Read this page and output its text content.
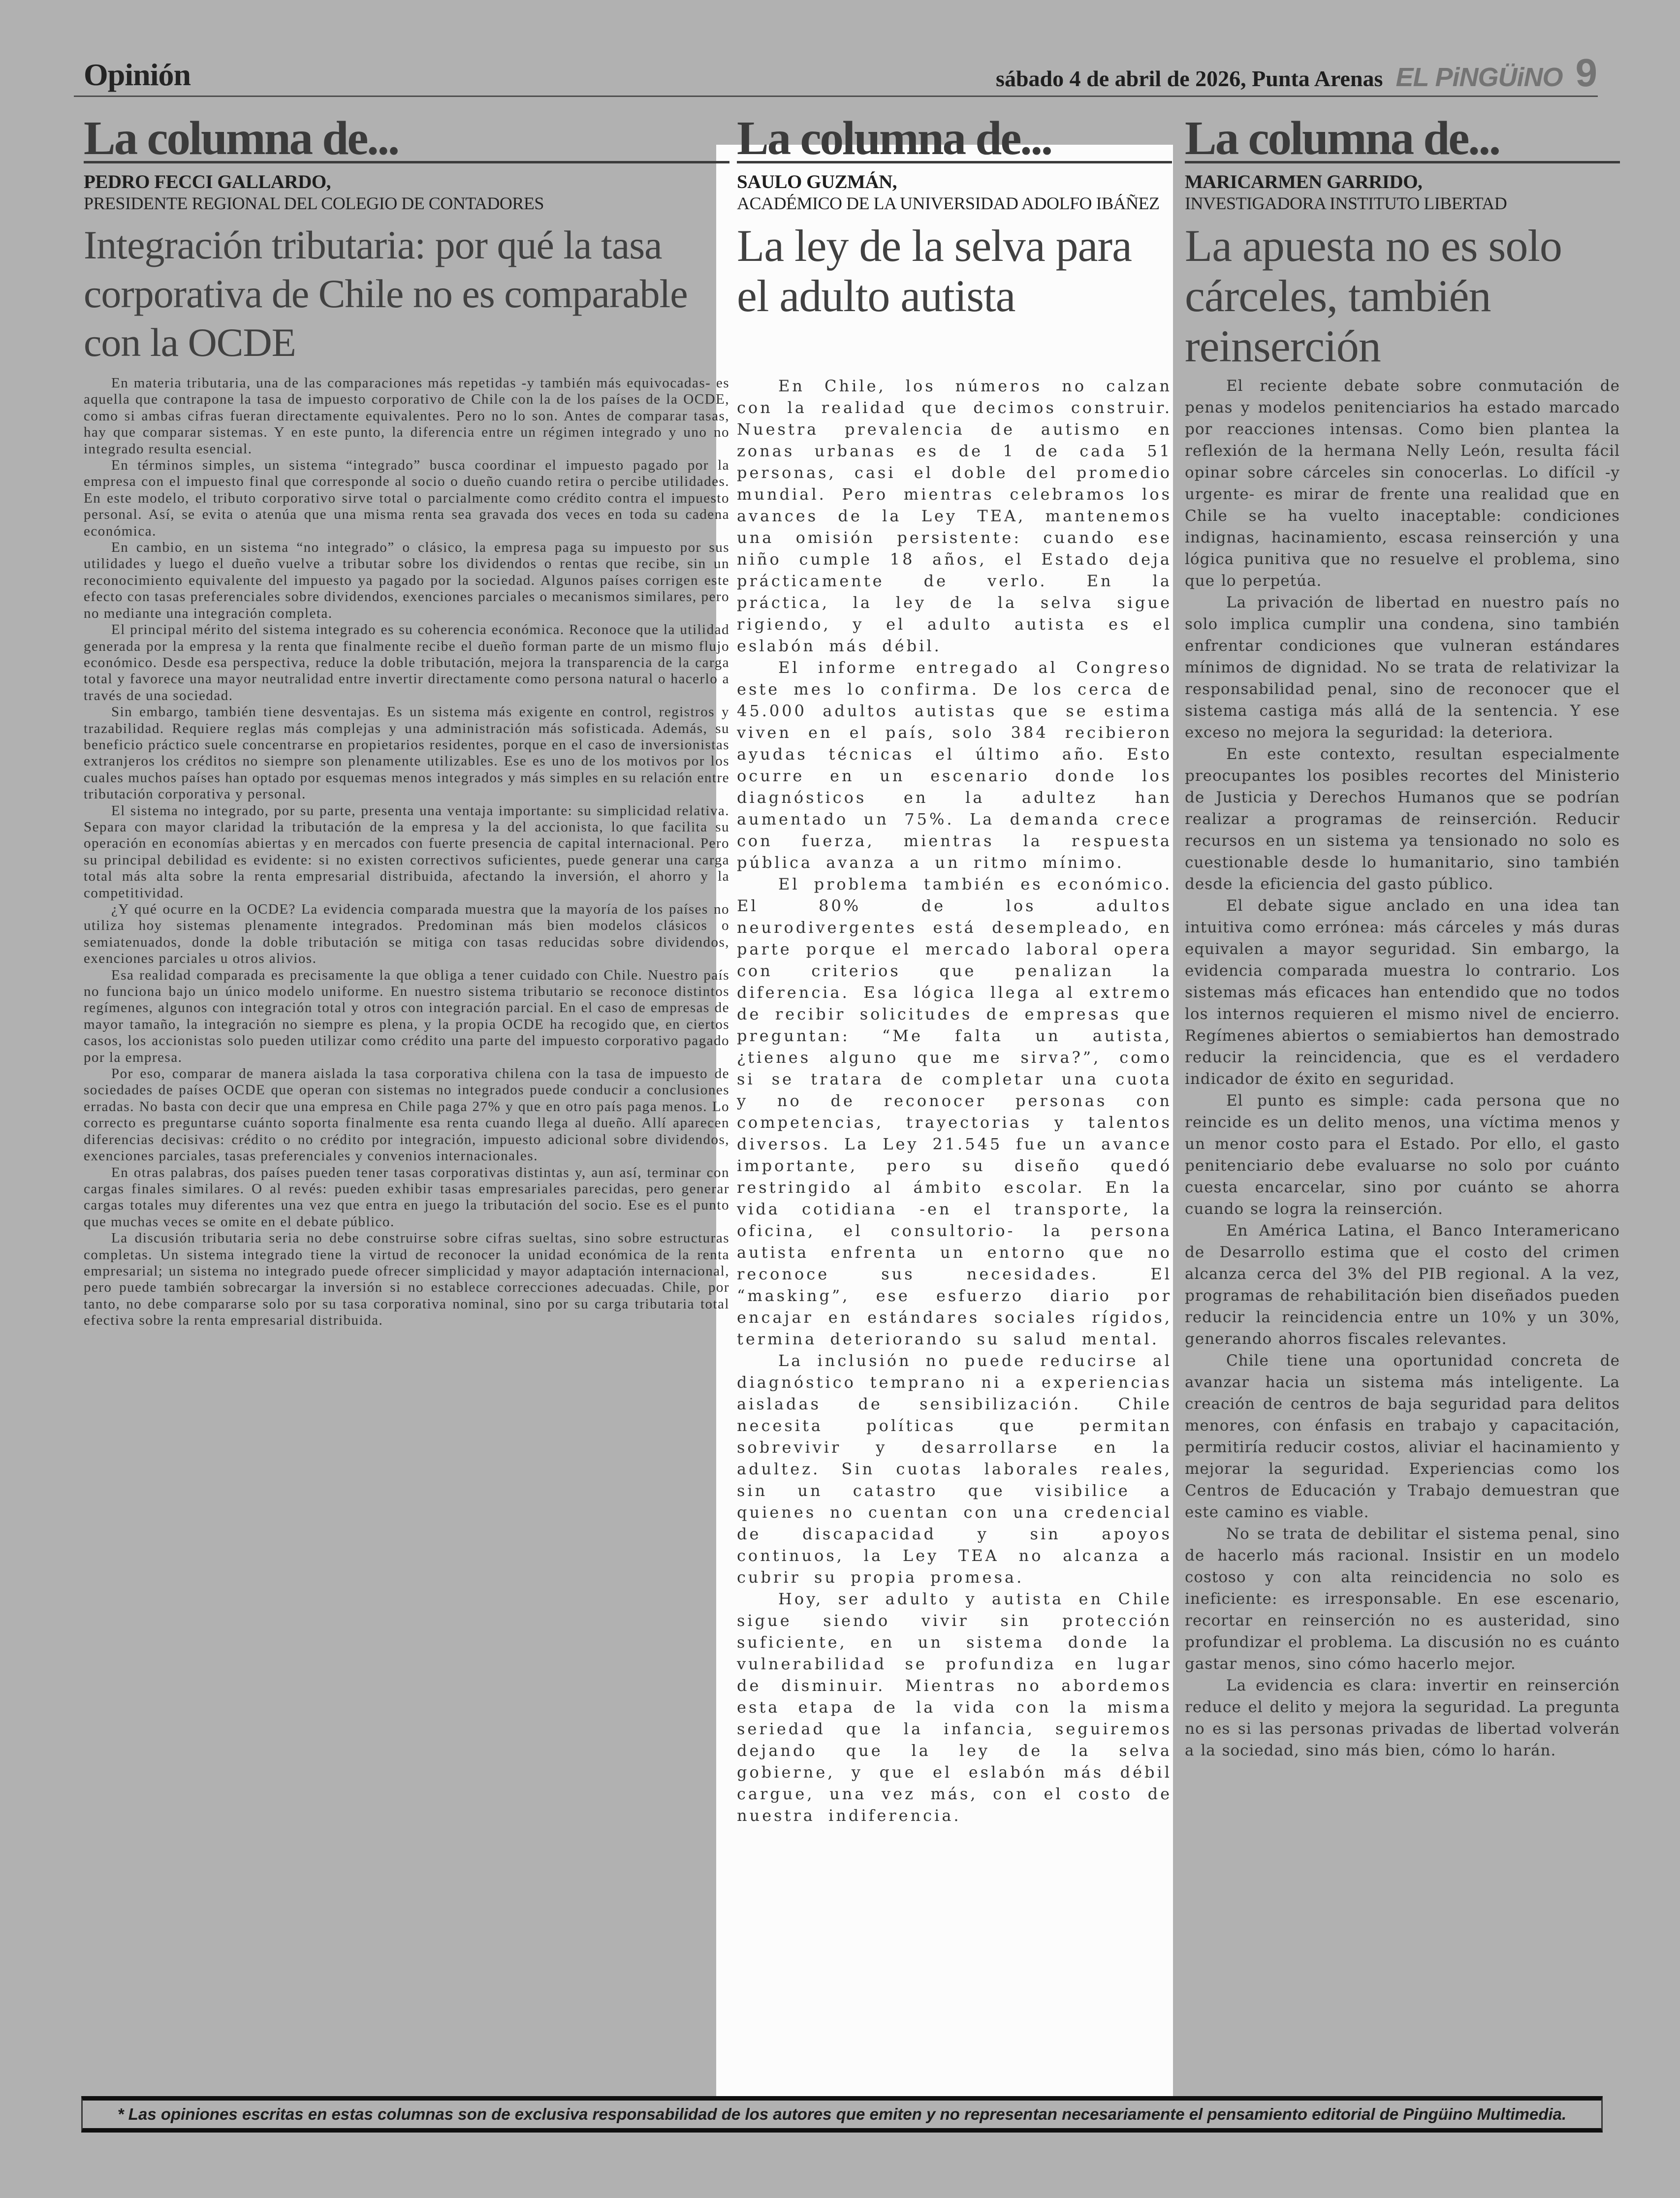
Opinión	sábado 4 de abril de 2026, Punta Arenas EL PiNGÜiNO 9
La columna de...
PEDRO FECCI GALLARDO,
PRESIDENTE REGIONAL DEL COLEGIO DE CONTADORES
Integración tributaria: por qué la tasa corporativa de Chile no es comparable con la OCDE

En materia tributaria, una de las comparaciones más repetidas -y también más equivocadas- es aquella que contrapone la tasa de impuesto corporativo de Chile con la de los países de la OCDE, como si ambas cifras fueran directamente equivalentes. Pero no lo son. Antes de comparar tasas, hay que comparar sistemas. Y en este punto, la diferencia entre un régimen integrado y uno no integrado resulta esencial.

En términos simples, un sistema “integrado” busca coordinar el impuesto pagado por la empresa con el impuesto final que corresponde al socio o dueño cuando retira o percibe utilidades. En este modelo, el tributo corporativo sirve total o parcialmente como crédito contra el impuesto personal. Así, se evita o atenúa que una misma renta sea gravada dos veces en toda su cadena económica.

En cambio, en un sistema “no integrado” o clásico, la empresa paga su impuesto por sus utilidades y luego el dueño vuelve a tributar sobre los dividendos o rentas que recibe, sin un reconocimiento equivalente del impuesto ya pagado por la sociedad. Algunos países corrigen este efecto con tasas preferenciales sobre dividendos, exenciones parciales o mecanismos similares, pero no mediante una integración completa.

El principal mérito del sistema integrado es su coherencia económica. Reconoce que la utilidad generada por la empresa y la renta que finalmente recibe el dueño forman parte de un mismo flujo económico. Desde esa perspectiva, reduce la doble tributación, mejora la transparencia de la carga total y favorece una mayor neutralidad entre invertir directamente como persona natural o hacerlo a través de una sociedad.

Sin embargo, también tiene desventajas. Es un sistema más exigente en control, registros y trazabilidad. Requiere reglas más complejas y una administración más sofisticada. Además, su beneficio práctico suele concentrarse en propietarios residentes, porque en el caso de inversionistas extranjeros los créditos no siempre son plenamente utilizables. Ese es uno de los motivos por los cuales muchos países han optado por esquemas menos integrados y más simples en su relación entre tributación corporativa y personal.

El sistema no integrado, por su parte, presenta una ventaja importante: su simplicidad relativa. Separa con mayor claridad la tributación de la empresa y la del accionista, lo que facilita su operación en economías abiertas y en mercados con fuerte presencia de capital internacional. Pero su principal debilidad es evidente: si no existen correctivos suficientes, puede generar una carga total más alta sobre la renta empresarial distribuida, afectando la inversión, el ahorro y la competitividad.

¿Y qué ocurre en la OCDE? La evidencia comparada muestra que la mayoría de los países no utiliza hoy sistemas plenamente integrados. Predominan más bien modelos clásicos o semiatenuados, donde la doble tributación se mitiga con tasas reducidas sobre dividendos, exenciones parciales u otros alivios.

Esa realidad comparada es precisamente la que obliga a tener cuidado con Chile. Nuestro país no funciona bajo un único modelo uniforme. En nuestro sistema tributario se reconoce distintos regímenes, algunos con integración total y otros con integración parcial. En el caso de empresas de mayor tamaño, la integración no siempre es plena, y la propia OCDE ha recogido que, en ciertos casos, los accionistas solo pueden utilizar como crédito una parte del impuesto corporativo pagado por la empresa.

Por eso, comparar de manera aislada la tasa corporativa chilena con la tasa de impuesto de sociedades de países OCDE que operan con sistemas no integrados puede conducir a conclusiones erradas. No basta con decir que una empresa en Chile paga 27% y que en otro país paga menos. Lo correcto es preguntarse cuánto soporta finalmente esa renta cuando llega al dueño. Allí aparecen diferencias decisivas: crédito o no crédito por integración, impuesto adicional sobre dividendos, exenciones parciales, tasas preferenciales y convenios internacionales.

En otras palabras, dos países pueden tener tasas corporativas distintas y, aun así, terminar con cargas finales similares. O al revés: pueden exhibir tasas empresariales parecidas, pero generar cargas totales muy diferentes una vez que entra en juego la tributación del socio. Ese es el punto que muchas veces se omite en el debate público.

La discusión tributaria seria no debe construirse sobre cifras sueltas, sino sobre estructuras completas. Un sistema integrado tiene la virtud de reconocer la unidad económica de la renta empresarial; un sistema no integrado puede ofrecer simplicidad y mayor adaptación internacional, pero puede también sobrecargar la inversión si no establece correcciones adecuadas. Chile, por tanto, no debe compararse solo por su tasa corporativa nominal, sino por su carga tributaria total efectiva sobre la renta empresarial distribuida.

La columna de...
SAULO GUZMÁN,
ACADÉMICO DE LA UNIVERSIDAD ADOLFO IBÁÑEZ
La ley de la selva para el adulto autista

En Chile, los números no calzan con la realidad que decimos construir. Nuestra prevalencia de autismo en zonas urbanas es de 1 de cada 51 personas, casi el doble del promedio mundial. Pero mientras celebramos los avances de la Ley TEA, mantenemos una omisión persistente: cuando ese niño cumple 18 años, el Estado deja prácticamente de verlo. En la práctica, la ley de la selva sigue rigiendo, y el adulto autista es el eslabón más débil.

El informe entregado al Congreso este mes lo confirma. De los cerca de 45.000 adultos autistas que se estima viven en el país, solo 384 recibieron ayudas técnicas el último año. Esto ocurre en un escenario donde los diagnósticos en la adultez han aumentado un 75%. La demanda crece con fuerza, mientras la respuesta pública avanza a un ritmo mínimo.

El problema también es económico. El 80% de los adultos neurodivergentes está desempleado, en parte porque el mercado laboral opera con criterios que penalizan la diferencia. Esa lógica llega al extremo de recibir solicitudes de empresas que preguntan: “Me falta un autista, ¿tienes alguno que me sirva?”, como si se tratara de completar una cuota y no de reconocer personas con competencias, trayectorias y talentos diversos. La Ley 21.545 fue un avance importante, pero su diseño quedó restringido al ámbito escolar. En la vida cotidiana -en el transporte, la oficina, el consultorio- la persona autista enfrenta un entorno que no reconoce sus necesidades. El “masking”, ese esfuerzo diario por encajar en estándares sociales rígidos, termina deteriorando su salud mental.

La inclusión no puede reducirse al diagnóstico temprano ni a experiencias aisladas de sensibilización. Chile necesita políticas que permitan sobrevivir y desarrollarse en la adultez. Sin cuotas laborales reales, sin un catastro que visibilice a quienes no cuentan con una credencial de discapacidad y sin apoyos continuos, la Ley TEA no alcanza a cubrir su propia promesa.

Hoy, ser adulto y autista en Chile sigue siendo vivir sin protección suficiente, en un sistema donde la vulnerabilidad se profundiza en lugar de disminuir. Mientras no abordemos esta etapa de la vida con la misma seriedad que la infancia, seguiremos dejando que la ley de la selva gobierne, y que el eslabón más débil cargue, una vez más, con el costo de nuestra indiferencia.

La columna de...
MARICARMEN GARRIDO,
INVESTIGADORA INSTITUTO LIBERTAD
La apuesta no es solo cárceles, también reinserción

El reciente debate sobre conmutación de penas y modelos penitenciarios ha estado marcado por reacciones intensas. Como bien plantea la reflexión de la hermana Nelly León, resulta fácil opinar sobre cárceles sin conocerlas. Lo difícil -y urgente- es mirar de frente una realidad que en Chile se ha vuelto inaceptable: condiciones indignas, hacinamiento, escasa reinserción y una lógica punitiva que no resuelve el problema, sino que lo perpetúa.

La privación de libertad en nuestro país no solo implica cumplir una condena, sino también enfrentar condiciones que vulneran estándares mínimos de dignidad. No se trata de relativizar la responsabilidad penal, sino de reconocer que el sistema castiga más allá de la sentencia. Y ese exceso no mejora la seguridad: la deteriora.

En este contexto, resultan especialmente preocupantes los posibles recortes del Ministerio de Justicia y Derechos Humanos que se podrían realizar a programas de reinserción. Reducir recursos en un sistema ya tensionado no solo es cuestionable desde lo humanitario, sino también desde la eficiencia del gasto público.

El debate sigue anclado en una idea tan intuitiva como errónea: más cárceles y más duras equivalen a mayor seguridad. Sin embargo, la evidencia comparada muestra lo contrario. Los sistemas más eficaces han entendido que no todos los internos requieren el mismo nivel de encierro. Regímenes abiertos o semiabiertos han demostrado reducir la reincidencia, que es el verdadero indicador de éxito en seguridad.

El punto es simple: cada persona que no reincide es un delito menos, una víctima menos y un menor costo para el Estado. Por ello, el gasto penitenciario debe evaluarse no solo por cuánto cuesta encarcelar, sino por cuánto se ahorra cuando se logra la reinserción.

En América Latina, el Banco Interamericano de Desarrollo estima que el costo del crimen alcanza cerca del 3% del PIB regional. A la vez, programas de rehabilitación bien diseñados pueden reducir la reincidencia entre un 10% y un 30%, generando ahorros fiscales relevantes.

Chile tiene una oportunidad concreta de avanzar hacia un sistema más inteligente. La creación de centros de baja seguridad para delitos menores, con énfasis en trabajo y capacitación, permitiría reducir costos, aliviar el hacinamiento y mejorar la seguridad. Experiencias como los Centros de Educación y Trabajo demuestran que este camino es viable.

No se trata de debilitar el sistema penal, sino de hacerlo más racional. Insistir en un modelo costoso y con alta reincidencia no solo es ineficiente: es irresponsable. En ese escenario, recortar en reinserción no es austeridad, sino profundizar el problema. La discusión no es cuánto gastar menos, sino cómo hacerlo mejor.

La evidencia es clara: invertir en reinserción reduce el delito y mejora la seguridad. La pregunta no es si las personas privadas de libertad volverán a la sociedad, sino más bien, cómo lo harán.

* Las opiniones escritas en estas columnas son de exclusiva responsabilidad de los autores que emiten y no representan necesariamente el pensamiento editorial de Pingüino Multimedia.
